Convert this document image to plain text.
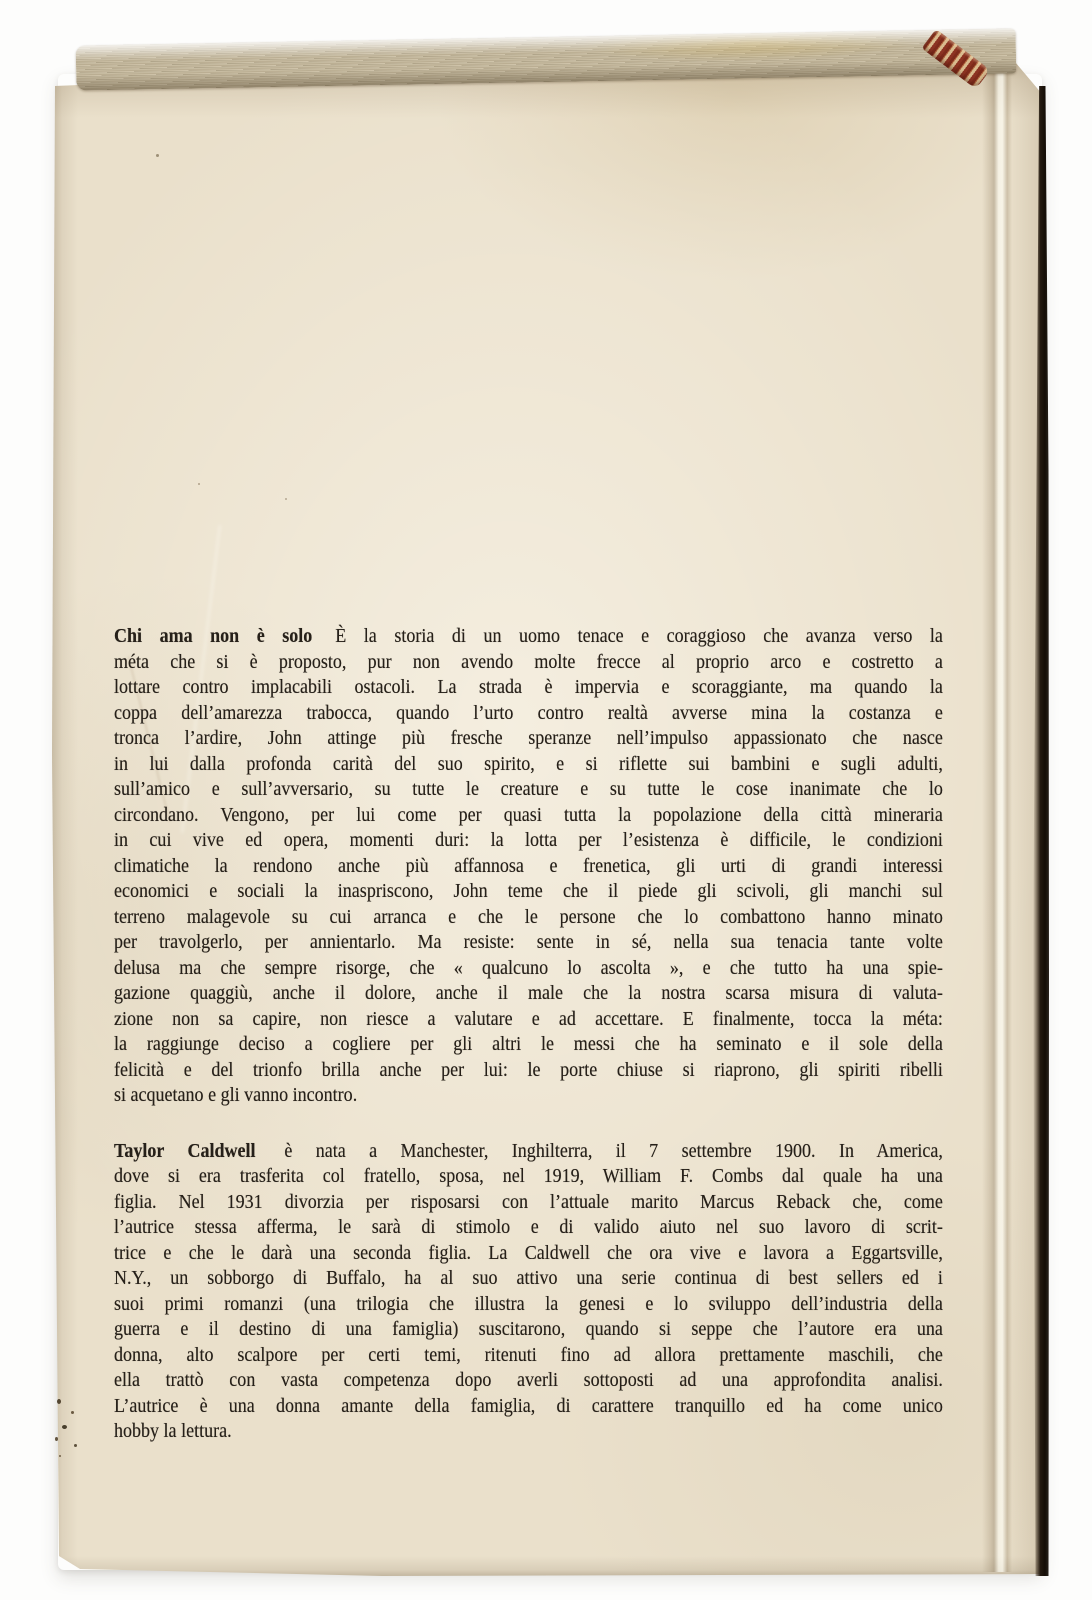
Chi ama non è solo È la storia di un uomo tenace e coraggioso che avanza verso la
méta che si è proposto, pur non avendo molte frecce al proprio arco e costretto a
lottare contro implacabili ostacoli. La strada è impervia e scoraggiante, ma quando la
coppa dell’amarezza trabocca, quando l’urto contro realtà avverse mina la costanza e
tronca l’ardire, John attinge più fresche speranze nell’impulso appassionato che nasce
in lui dalla profonda carità del suo spirito, e si riflette sui bambini e sugli adulti,
sull’amico e sull’avversario, su tutte le creature e su tutte le cose inanimate che lo
circondano. Vengono, per lui come per quasi tutta la popolazione della città mineraria
in cui vive ed opera, momenti duri: la lotta per l’esistenza è difficile, le condizioni
climatiche la rendono anche più affannosa e frenetica, gli urti di grandi interessi
economici e sociali la inaspriscono, John teme che il piede gli scivoli, gli manchi sul
terreno malagevole su cui arranca e che le persone che lo combattono hanno minato
per travolgerlo, per annientarlo. Ma resiste: sente in sé, nella sua tenacia tante volte
delusa ma che sempre risorge, che « qualcuno lo ascolta », e che tutto ha una spie-
gazione quaggiù, anche il dolore, anche il male che la nostra scarsa misura di valuta-
zione non sa capire, non riesce a valutare e ad accettare. E finalmente, tocca la méta:
la raggiunge deciso a cogliere per gli altri le messi che ha seminato e il sole della
felicità e del trionfo brilla anche per lui: le porte chiuse si riaprono, gli spiriti ribelli
si acquetano e gli vanno incontro.
Taylor Caldwell è nata a Manchester, Inghilterra, il 7 settembre 1900. In America,
dove si era trasferita col fratello, sposa, nel 1919, William F. Combs dal quale ha una
figlia. Nel 1931 divorzia per risposarsi con l’attuale marito Marcus Reback che, come
l’autrice stessa afferma, le sarà di stimolo e di valido aiuto nel suo lavoro di scrit-
trice e che le darà una seconda figlia. La Caldwell che ora vive e lavora a Eggartsville,
N.Y., un sobborgo di Buffalo, ha al suo attivo una serie continua di best sellers ed i
suoi primi romanzi (una trilogia che illustra la genesi e lo sviluppo dell’industria della
guerra e il destino di una famiglia) suscitarono, quando si seppe che l’autore era una
donna, alto scalpore per certi temi, ritenuti fino ad allora prettamente maschili, che
ella trattò con vasta competenza dopo averli sottoposti ad una approfondita analisi.
L’autrice è una donna amante della famiglia, di carattere tranquillo ed ha come unico
hobby la lettura.
